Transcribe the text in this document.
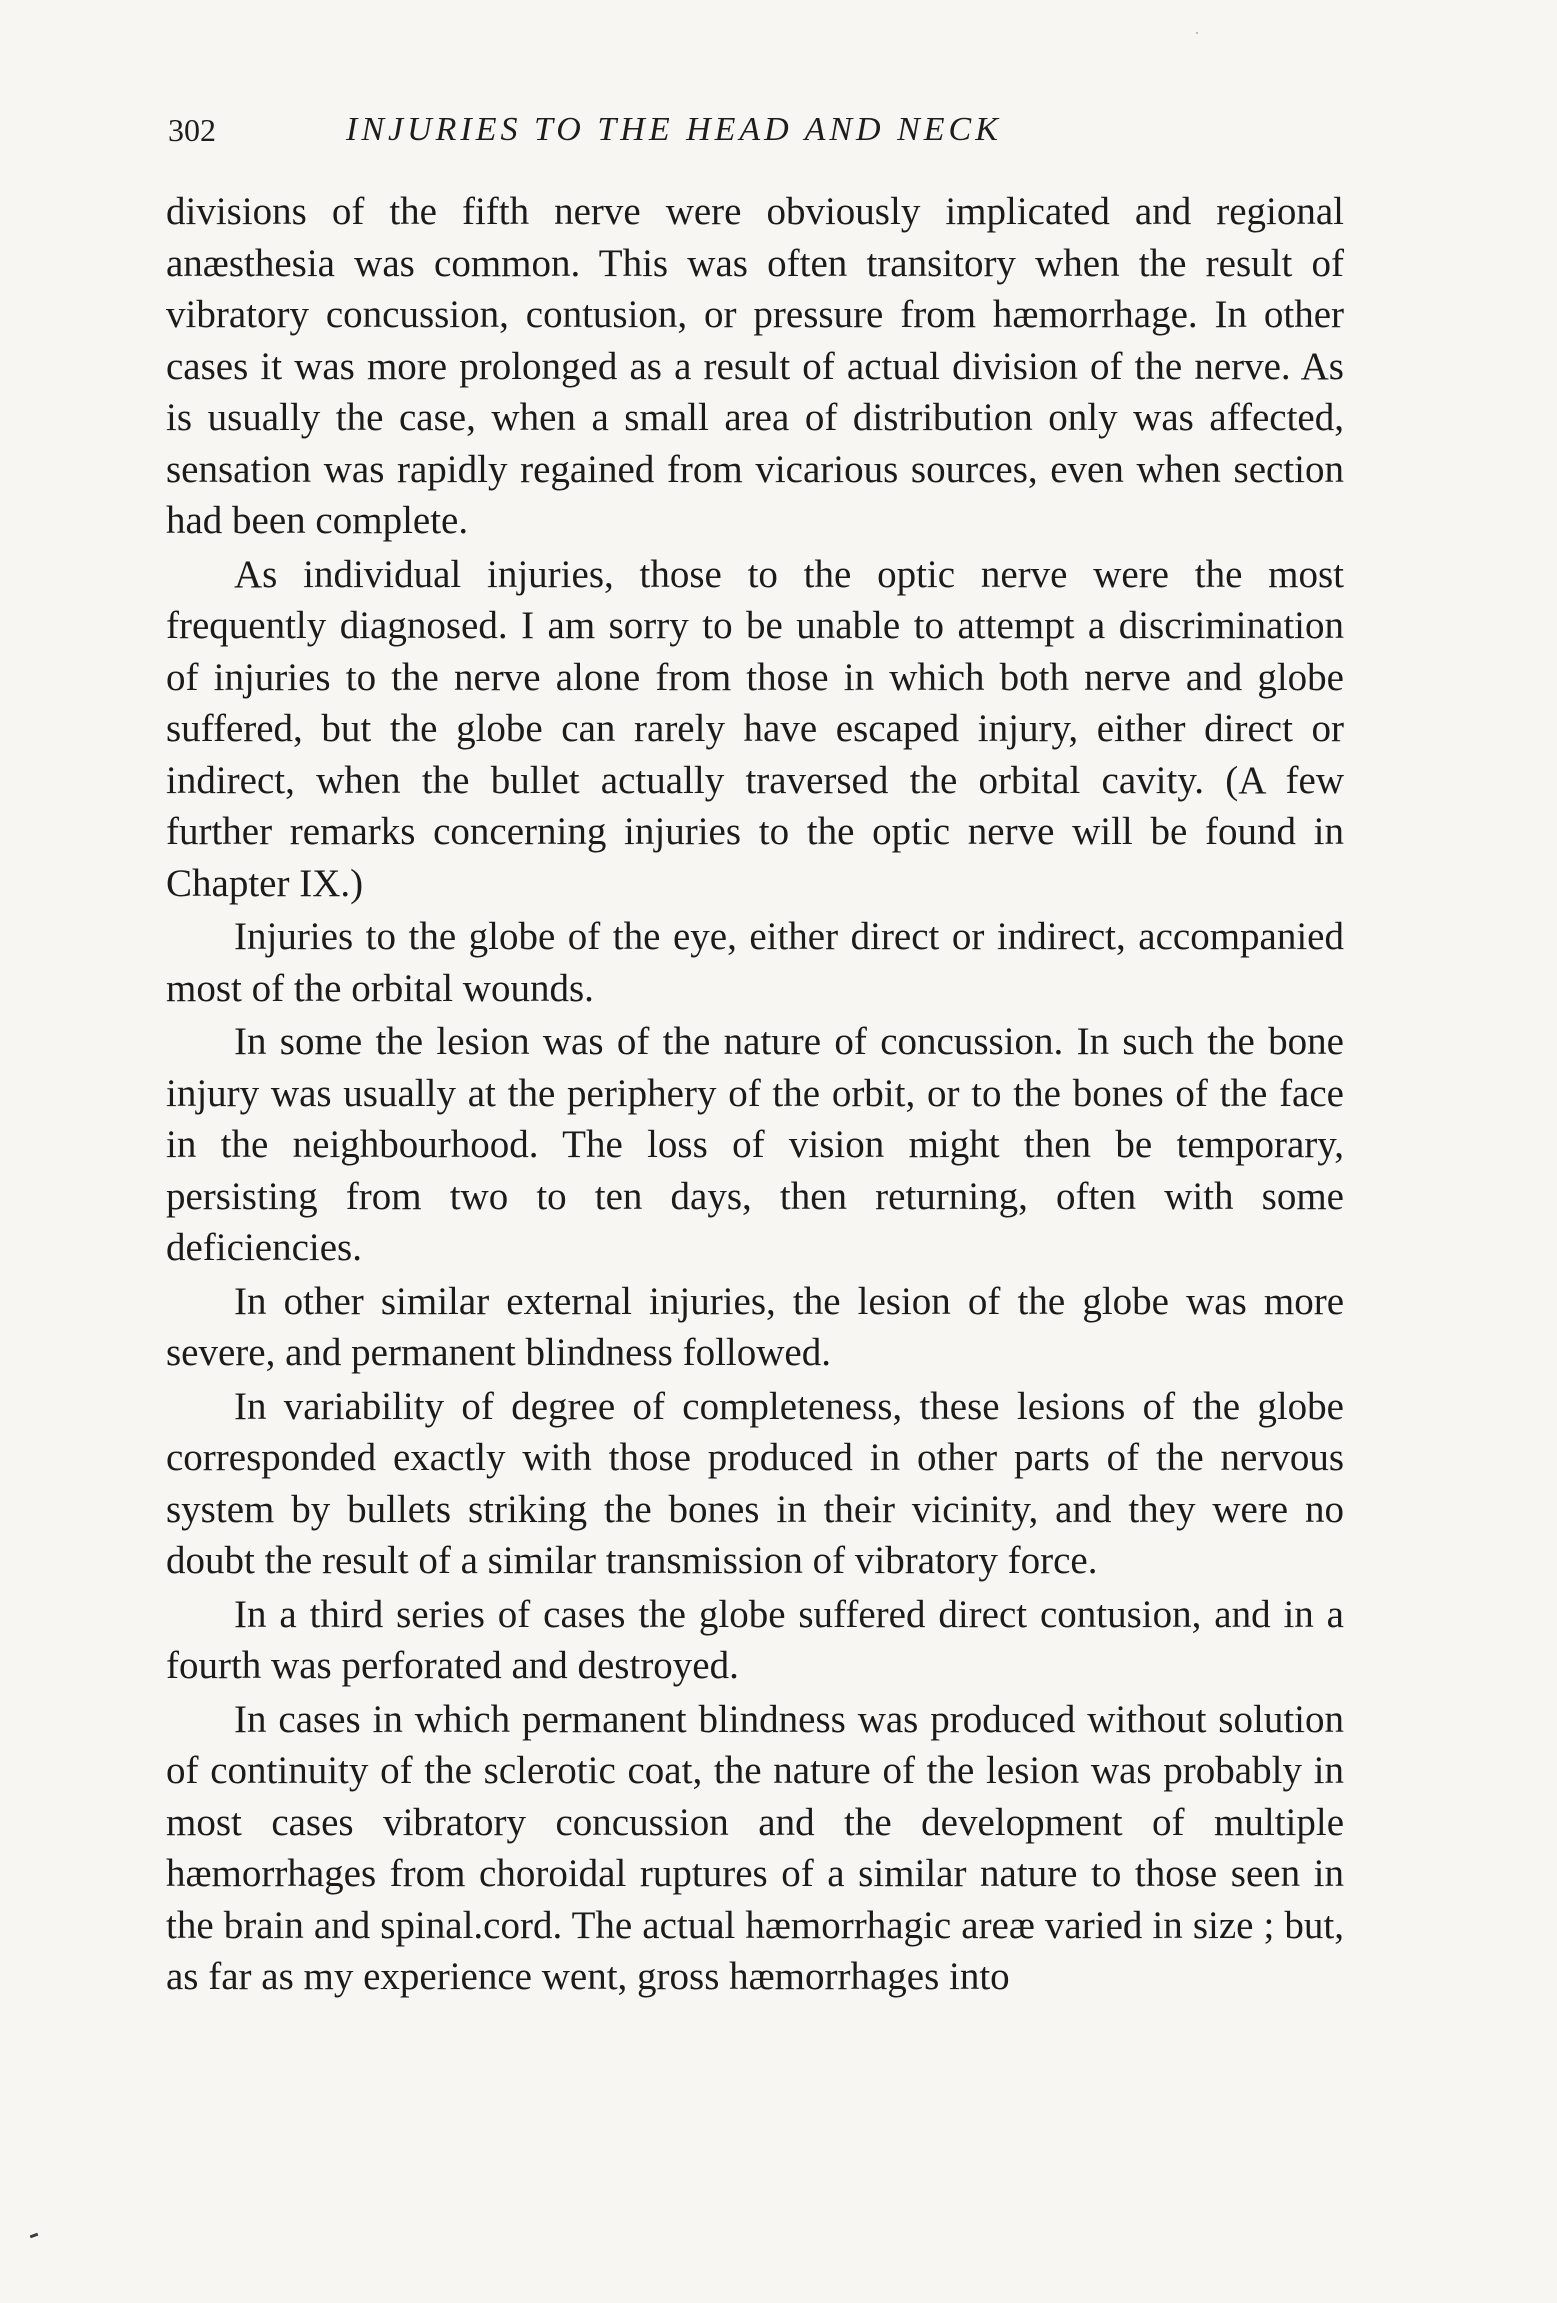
302	INJURIES TO THE HEAD AND NECK

divisions of the fifth nerve were obviously implicated and regional anæsthesia was common. This was often transitory when the result of vibratory concussion, contusion, or pressure from hæmorrhage. In other cases it was more prolonged as a result of actual division of the nerve. As is usually the case, when a small area of distribution only was affected, sensation was rapidly regained from vicarious sources, even when section had been complete.

As individual injuries, those to the optic nerve were the most frequently diagnosed. I am sorry to be unable to attempt a discrimination of injuries to the nerve alone from those in which both nerve and globe suffered, but the globe can rarely have escaped injury, either direct or indirect, when the bullet actually traversed the orbital cavity. (A few further remarks concerning injuries to the optic nerve will be found in Chapter IX.)

Injuries to the globe of the eye, either direct or indirect, accompanied most of the orbital wounds.

In some the lesion was of the nature of concussion. In such the bone injury was usually at the periphery of the orbit, or to the bones of the face in the neighbourhood. The loss of vision might then be temporary, persisting from two to ten days, then returning, often with some deficiencies.

In other similar external injuries, the lesion of the globe was more severe, and permanent blindness followed.

In variability of degree of completeness, these lesions of the globe corresponded exactly with those produced in other parts of the nervous system by bullets striking the bones in their vicinity, and they were no doubt the result of a similar transmission of vibratory force.

In a third series of cases the globe suffered direct contusion, and in a fourth was perforated and destroyed.

In cases in which permanent blindness was produced without solution of continuity of the sclerotic coat, the nature of the lesion was probably in most cases vibratory concussion and the development of multiple hæmorrhages from choroidal ruptures of a similar nature to those seen in the brain and spinal.cord. The actual hæmorrhagic areæ varied in size ; but, as far as my experience went, gross hæmorrhages into
